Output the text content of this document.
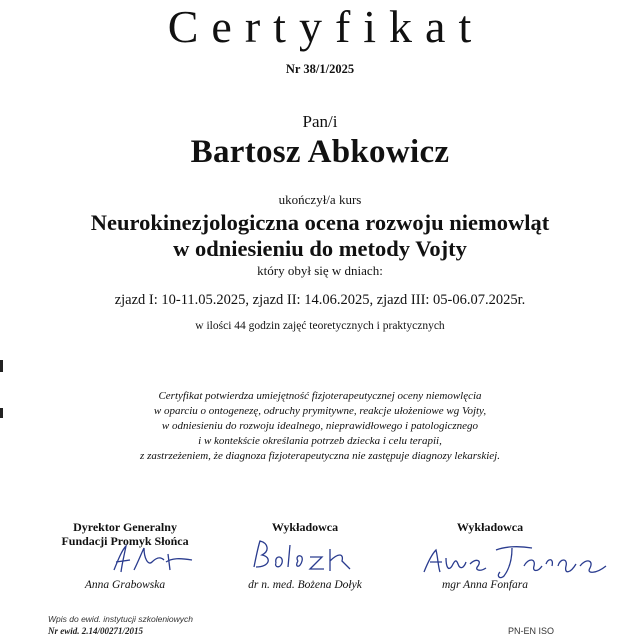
Certyfikat
Nr 38/1/2025
Pan/i
Bartosz Abkowicz
ukończył/a kurs
Neurokinezjologiczna ocena rozwoju niemowląt
w odniesieniu do metody Vojty
który obył się w dniach:
zjazd I: 10-11.05.2025, zjazd II: 14.06.2025, zjazd III: 05-06.07.2025r.
w ilości 44 godzin zajęć teoretycznych i praktycznych
Certyfikat potwierdza umiejętność fizjoterapeutycznej oceny niemowlęcia
w oparciu o ontogenezę, odruchy prymitywne, reakcje ułożeniowe wg Vojty,
w odniesieniu do rozwoju idealnego, nieprawidłowego i patologicznego
i w kontekście określania potrzeb dziecka i celu terapii,
z zastrzeżeniem, że diagnoza fizjoterapeutyczna nie zastępuje diagnozy lekarskiej.
Dyrektor Generalny
Fundacji Promyk Słońca
Anna Grabowska
Wykładowca
dr n. med. Bożena Dołyk
Wykładowca
mgr Anna Fonfara
Wpis do ewid. instytucji szkoleniowych
Nr ewid. 2.14/00271/2015	PN-EN ISO
